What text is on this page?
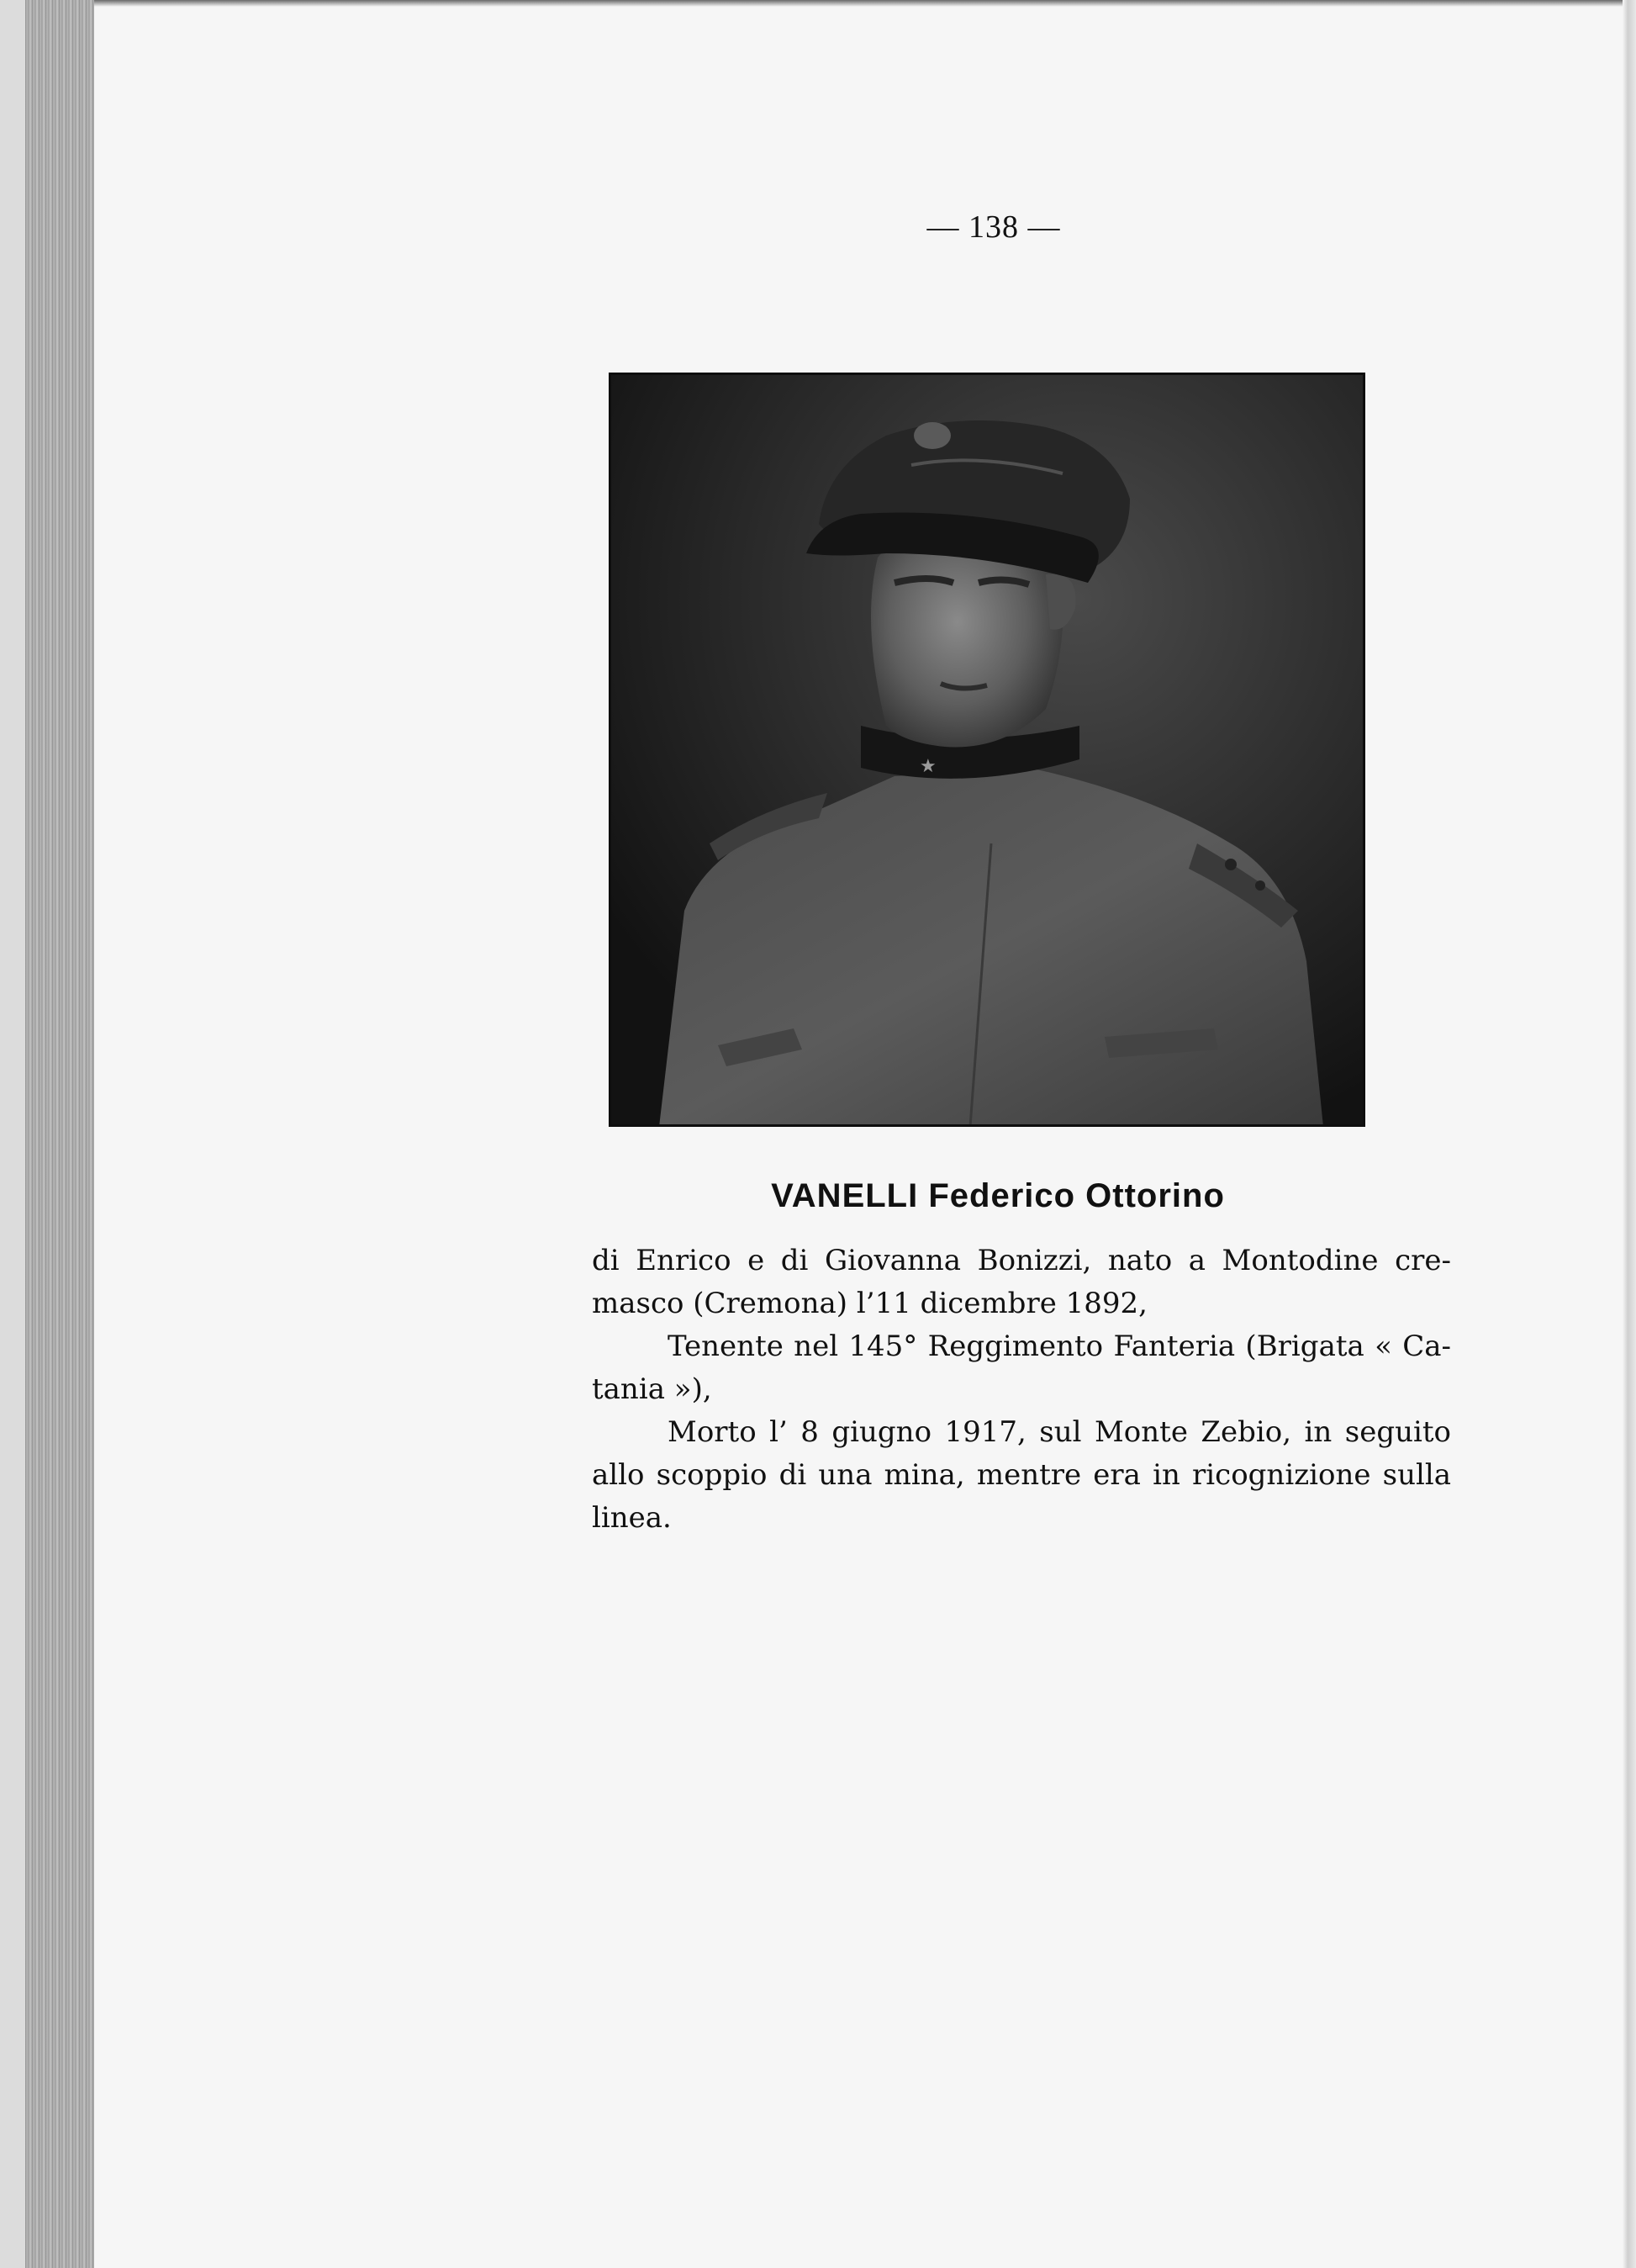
— 138 —
★
VANELLI Federico Ottorino
di Enrico e di Giovanna Bonizzi, nato a Montodine cre-
masco (Cremona) l’11 dicembre 1892,
Tenente nel 145° Reggimento Fanteria (Brigata « Ca-
tania »),
Morto l’ 8 giugno 1917, sul Monte Zebio, in seguito
allo scoppio di una mina, mentre era in ricognizione sulla
linea.
